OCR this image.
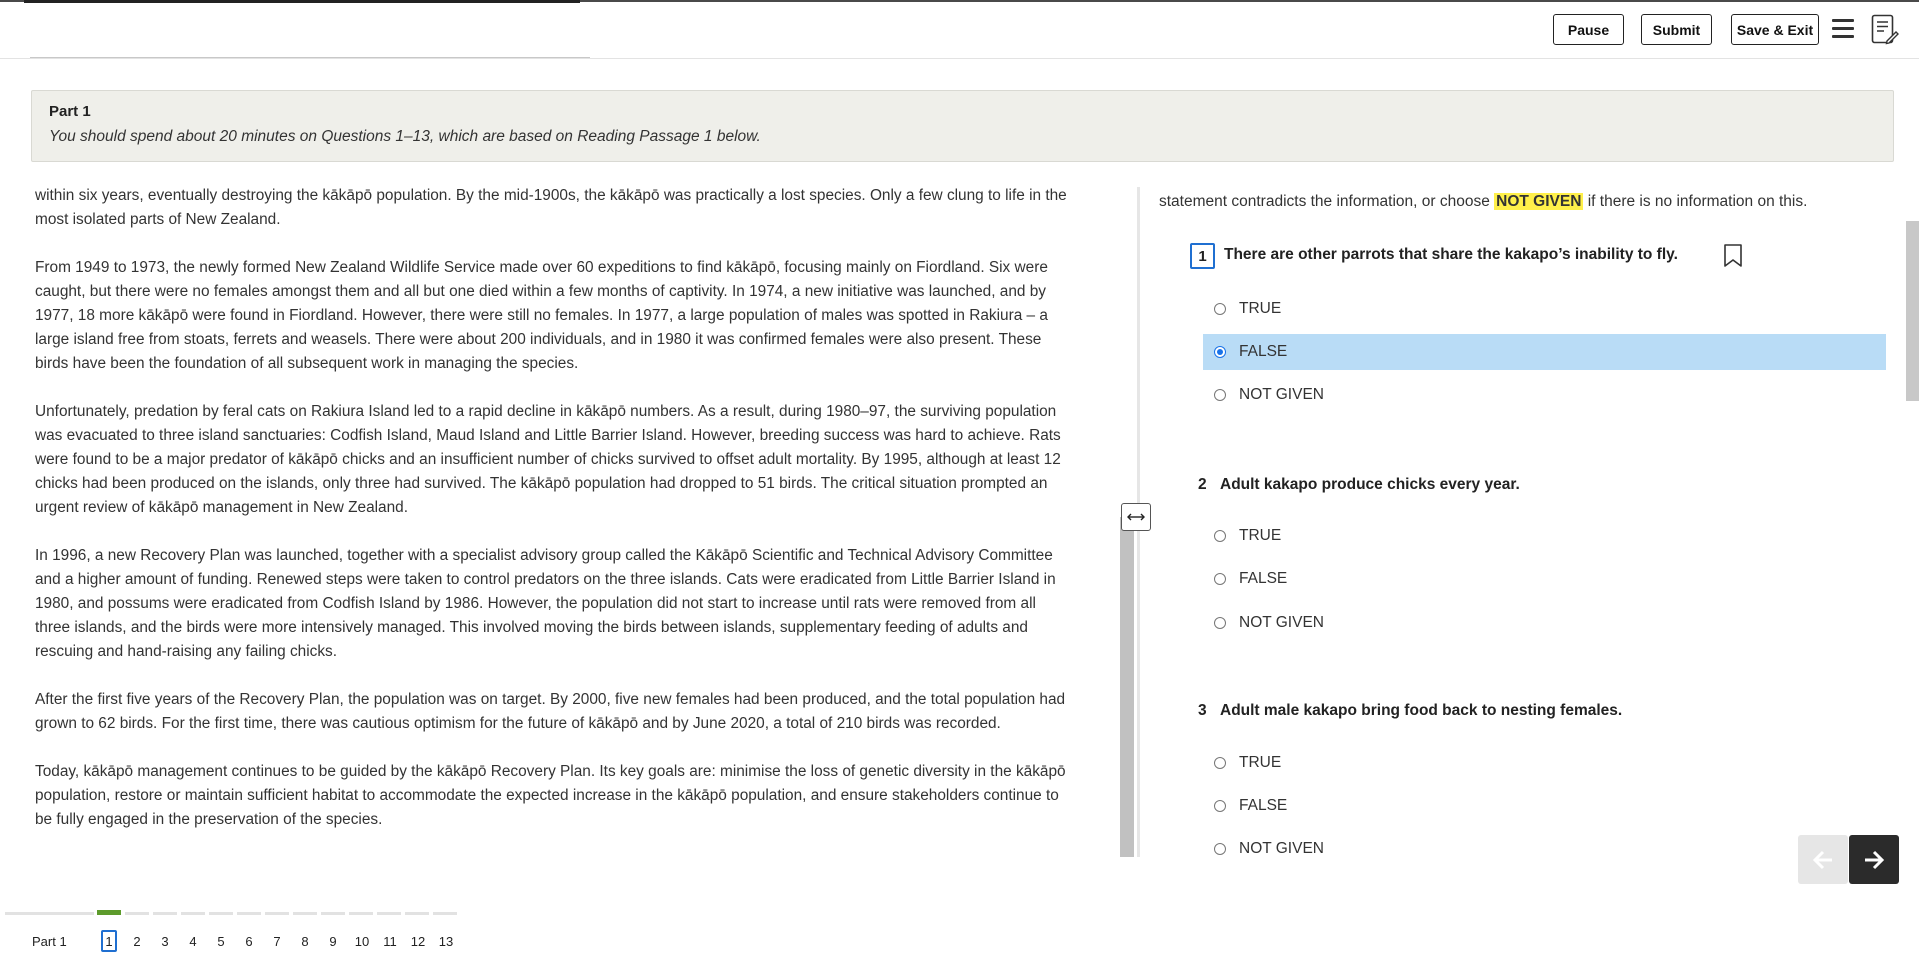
Pause	Submit	Save & Exit
Part 1
You should spend about 20 minutes on Questions 1–13, which are based on Reading Passage 1 below.

within six years, eventually destroying the kākāpō population. By the mid-1900s, the kākāpō was practically a lost species. Only a few clung to life in the most isolated parts of New Zealand.

From 1949 to 1973, the newly formed New Zealand Wildlife Service made over 60 expeditions to find kākāpō, focusing mainly on Fiordland. Six were caught, but there were no females amongst them and all but one died within a few months of captivity. In 1974, a new initiative was launched, and by 1977, 18 more kākāpō were found in Fiordland. However, there were still no females. In 1977, a large population of males was spotted in Rakiura – a large island free from stoats, ferrets and weasels. There were about 200 individuals, and in 1980 it was confirmed females were also present. These birds have been the foundation of all subsequent work in managing the species.

Unfortunately, predation by feral cats on Rakiura Island led to a rapid decline in kākāpō numbers. As a result, during 1980–97, the surviving population was evacuated to three island sanctuaries: Codfish Island, Maud Island and Little Barrier Island. However, breeding success was hard to achieve. Rats were found to be a major predator of kākāpō chicks and an insufficient number of chicks survived to offset adult mortality. By 1995, although at least 12 chicks had been produced on the islands, only three had survived. The kākāpō population had dropped to 51 birds. The critical situation prompted an urgent review of kākāpō management in New Zealand.

In 1996, a new Recovery Plan was launched, together with a specialist advisory group called the Kākāpō Scientific and Technical Advisory Committee and a higher amount of funding. Renewed steps were taken to control predators on the three islands. Cats were eradicated from Little Barrier Island in 1980, and possums were eradicated from Codfish Island by 1986. However, the population did not start to increase until rats were removed from all three islands, and the birds were more intensively managed. This involved moving the birds between islands, supplementary feeding of adults and rescuing and hand-raising any failing chicks.

After the first five years of the Recovery Plan, the population was on target. By 2000, five new females had been produced, and the total population had grown to 62 birds. For the first time, there was cautious optimism for the future of kākāpō and by June 2020, a total of 210 birds was recorded.

Today, kākāpō management continues to be guided by the kākāpō Recovery Plan. Its key goals are: minimise the loss of genetic diversity in the kākāpō population, restore or maintain sufficient habitat to accommodate the expected increase in the kākāpō population, and ensure stakeholders continue to be fully engaged in the preservation of the species.

statement contradicts the information, or choose NOT GIVEN if there is no information on this.
1	There are other parrots that share the kakapo’s inability to fly.
TRUE
FALSE
NOT GIVEN
2 Adult kakapo produce chicks every year.
TRUE
FALSE
NOT GIVEN
3 Adult male kakapo bring food back to nesting females.
TRUE
FALSE
NOT GIVEN
Part 1	1	2	3	4	5	6	7	8	9	10	11	12	13
